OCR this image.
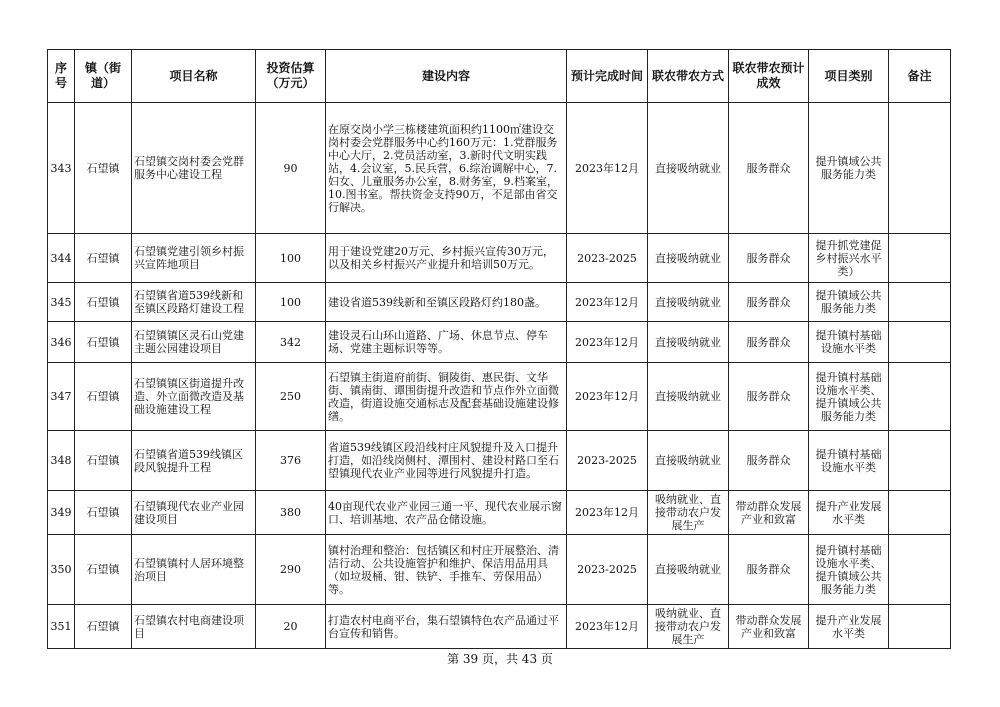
序号	镇（街道）	项目名称	投资估算（万元）	建设内容	预计完成时间	联农带农方式	联农带农预计成效	项目类别	备注
343	石望镇	石望镇交岗村委会党群服务中心建设工程	90	在原交岗小学三栋楼建筑面积约1100㎡建设交岗村委会党群服务中心约160万元：1.党群服务中心大厅，2.党员活动室，3.新时代文明实践站，4.会议室，5.民兵营，6.综治调解中心，7.妇女、儿童服务办公室，8.财务室，9.档案室，10.图书室。帮扶资金支持90万，不足部由省交行解决。	2023年12月	直接吸纳就业	服务群众	提升镇域公共服务能力类	
344	石望镇	石望镇党建引领乡村振兴宣阵地项目	100	用于建设党建20万元、乡村振兴宣传30万元，以及相关乡村振兴产业提升和培训50万元。	2023-2025	直接吸纳就业	服务群众	提升抓党建促乡村振兴水平类）	
345	石望镇	石望镇省道539线新和至镇区段路灯建设工程	100	建设省道539线新和至镇区段路灯约180盏。	2023年12月	直接吸纳就业	服务群众	提升镇域公共服务能力类	
346	石望镇	石望镇镇区灵石山党建主题公园建设项目	342	建设灵石山环山道路、广场、休息节点、停车场、党建主题标识等等。	2023年12月	直接吸纳就业	服务群众	提升镇村基础设施水平类	
347	石望镇	石望镇镇区街道提升改造、外立面微改造及基础设施建设工程	250	石望镇主街道府前街、铜陵街、惠民街、文华街、镇南街、谭围街提升改造和节点作外立面微改造，街道设施交通标志及配套基础设施建设修缮。	2023年12月	直接吸纳就业	服务群众	提升镇村基础设施水平类、提升镇域公共服务能力类	
348	石望镇	石望镇省道539线镇区段风貌提升工程	376	省道539线镇区段沿线村庄风貌提升及入口提升打造，如沿线岗侧村、潭围村、建设村路口至石望镇现代农业产业园等进行风貌提升打造。	2023-2025	直接吸纳就业	服务群众	提升镇村基础设施水平类	
349	石望镇	石望镇现代农业产业园建设项目	380	40亩现代农业产业园三通一平、现代农业展示窗口、培训基地、农产品仓储设施。	2023年12月	吸纳就业、直接带动农户发展生产	带动群众发展产业和致富	提升产业发展水平类	
350	石望镇	石望镇镇村人居环境整治项目	290	镇村治理和整治：包括镇区和村庄开展整治、清洁行动、公共设施管护和维护、保洁用品用具（如垃圾桶、钳、铁铲、手推车、劳保用品）等。	2023-2025	直接吸纳就业	服务群众	提升镇村基础设施水平类、提升镇域公共服务能力类	
351	石望镇	石望镇农村电商建设项目	20	打造农村电商平台，集石望镇特色农产品通过平台宣传和销售。	2023年12月	吸纳就业、直接带动农户发展生产	带动群众发展产业和致富	提升产业发展水平类	
第 39 页，共 43 页
